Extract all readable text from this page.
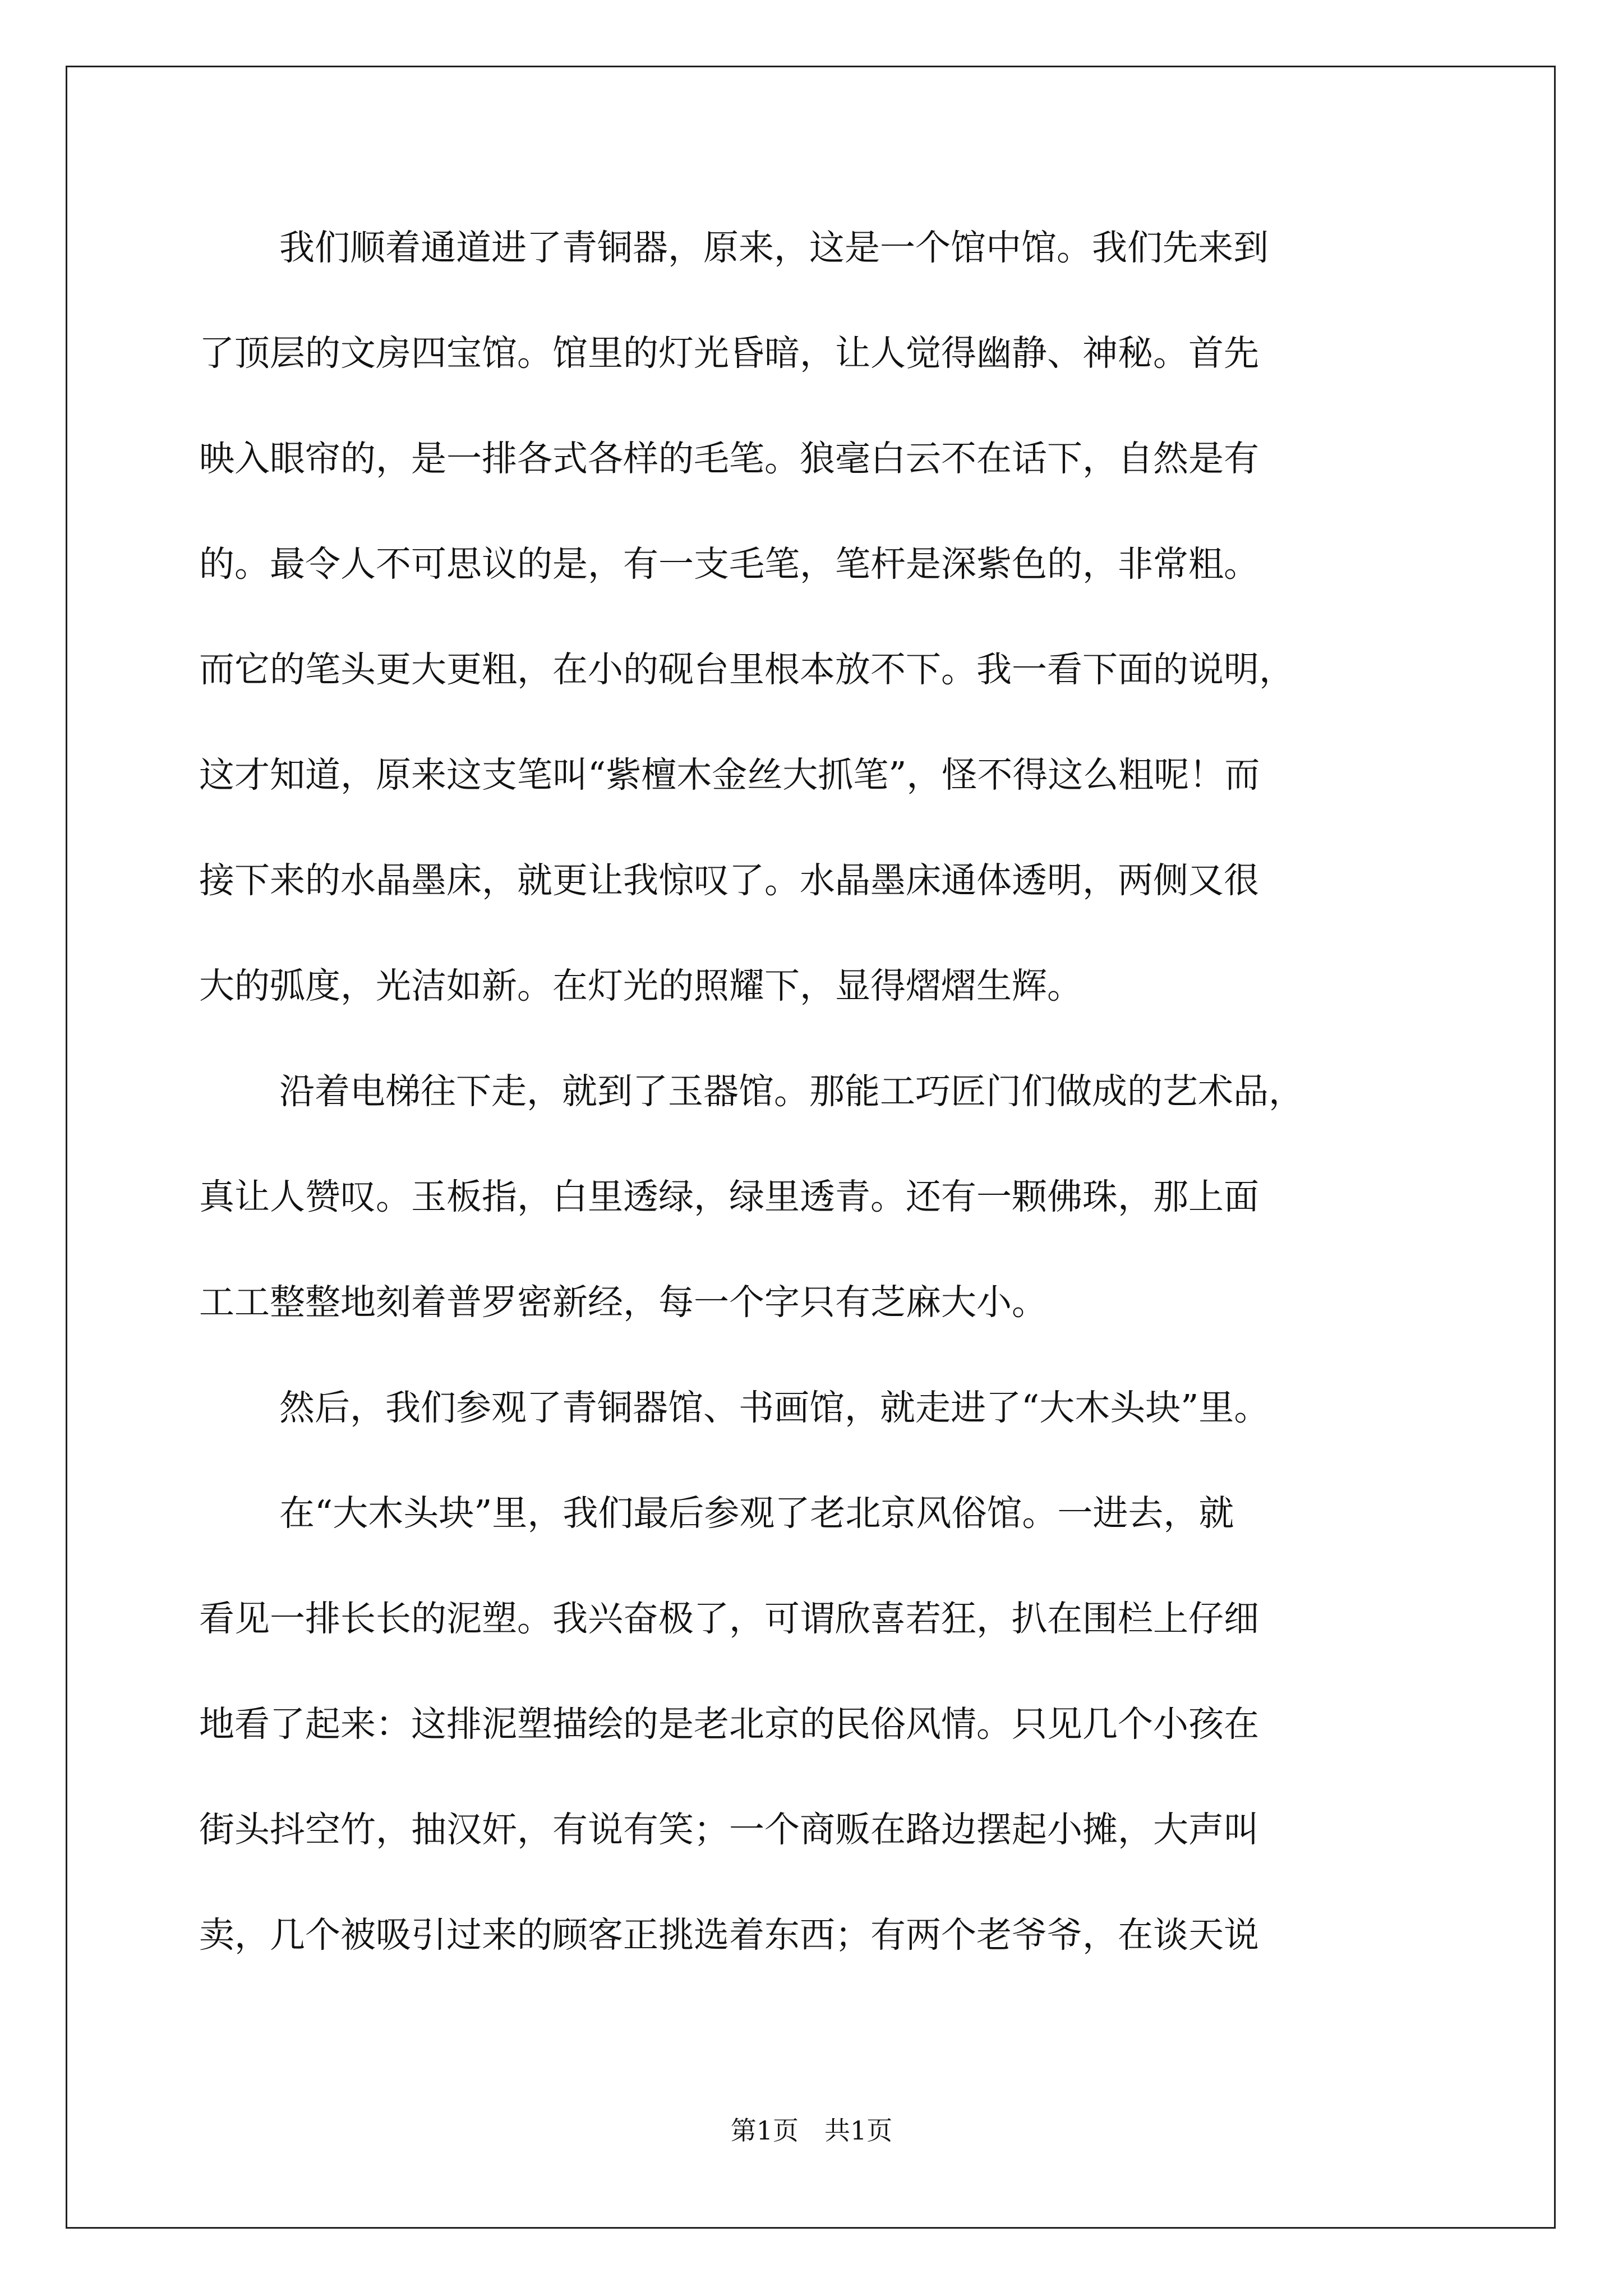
我们顺着通道进了青铜器，原来，这是一个馆中馆。我们先来到
了顶层的文房四宝馆。馆里的灯光昏暗，让人觉得幽静、神秘。首先
映入眼帘的，是一排各式各样的毛笔。狼毫白云不在话下，自然是有
的。最令人不可思议的是，有一支毛笔，笔杆是深紫色的，非常粗。
而它的笔头更大更粗，在小的砚台里根本放不下。我一看下面的说明，
这才知道，原来这支笔叫“紫檀木金丝大抓笔”，怪不得这么粗呢！而
接下来的水晶墨床，就更让我惊叹了。水晶墨床通体透明，两侧又很
大的弧度，光洁如新。在灯光的照耀下，显得熠熠生辉。
沿着电梯往下走，就到了玉器馆。那能工巧匠门们做成的艺术品，
真让人赞叹。玉板指，白里透绿，绿里透青。还有一颗佛珠，那上面
工工整整地刻着普罗密新经，每一个字只有芝麻大小。
然后，我们参观了青铜器馆、书画馆，就走进了“大木头块”里。
在“大木头块”里，我们最后参观了老北京风俗馆。一进去，就
看见一排长长的泥塑。我兴奋极了，可谓欣喜若狂，扒在围栏上仔细
地看了起来：这排泥塑描绘的是老北京的民俗风情。只见几个小孩在
街头抖空竹，抽汉奸，有说有笑；一个商贩在路边摆起小摊，大声叫
卖，几个被吸引过来的顾客正挑选着东西；有两个老爷爷，在谈天说
第1页 共1页
